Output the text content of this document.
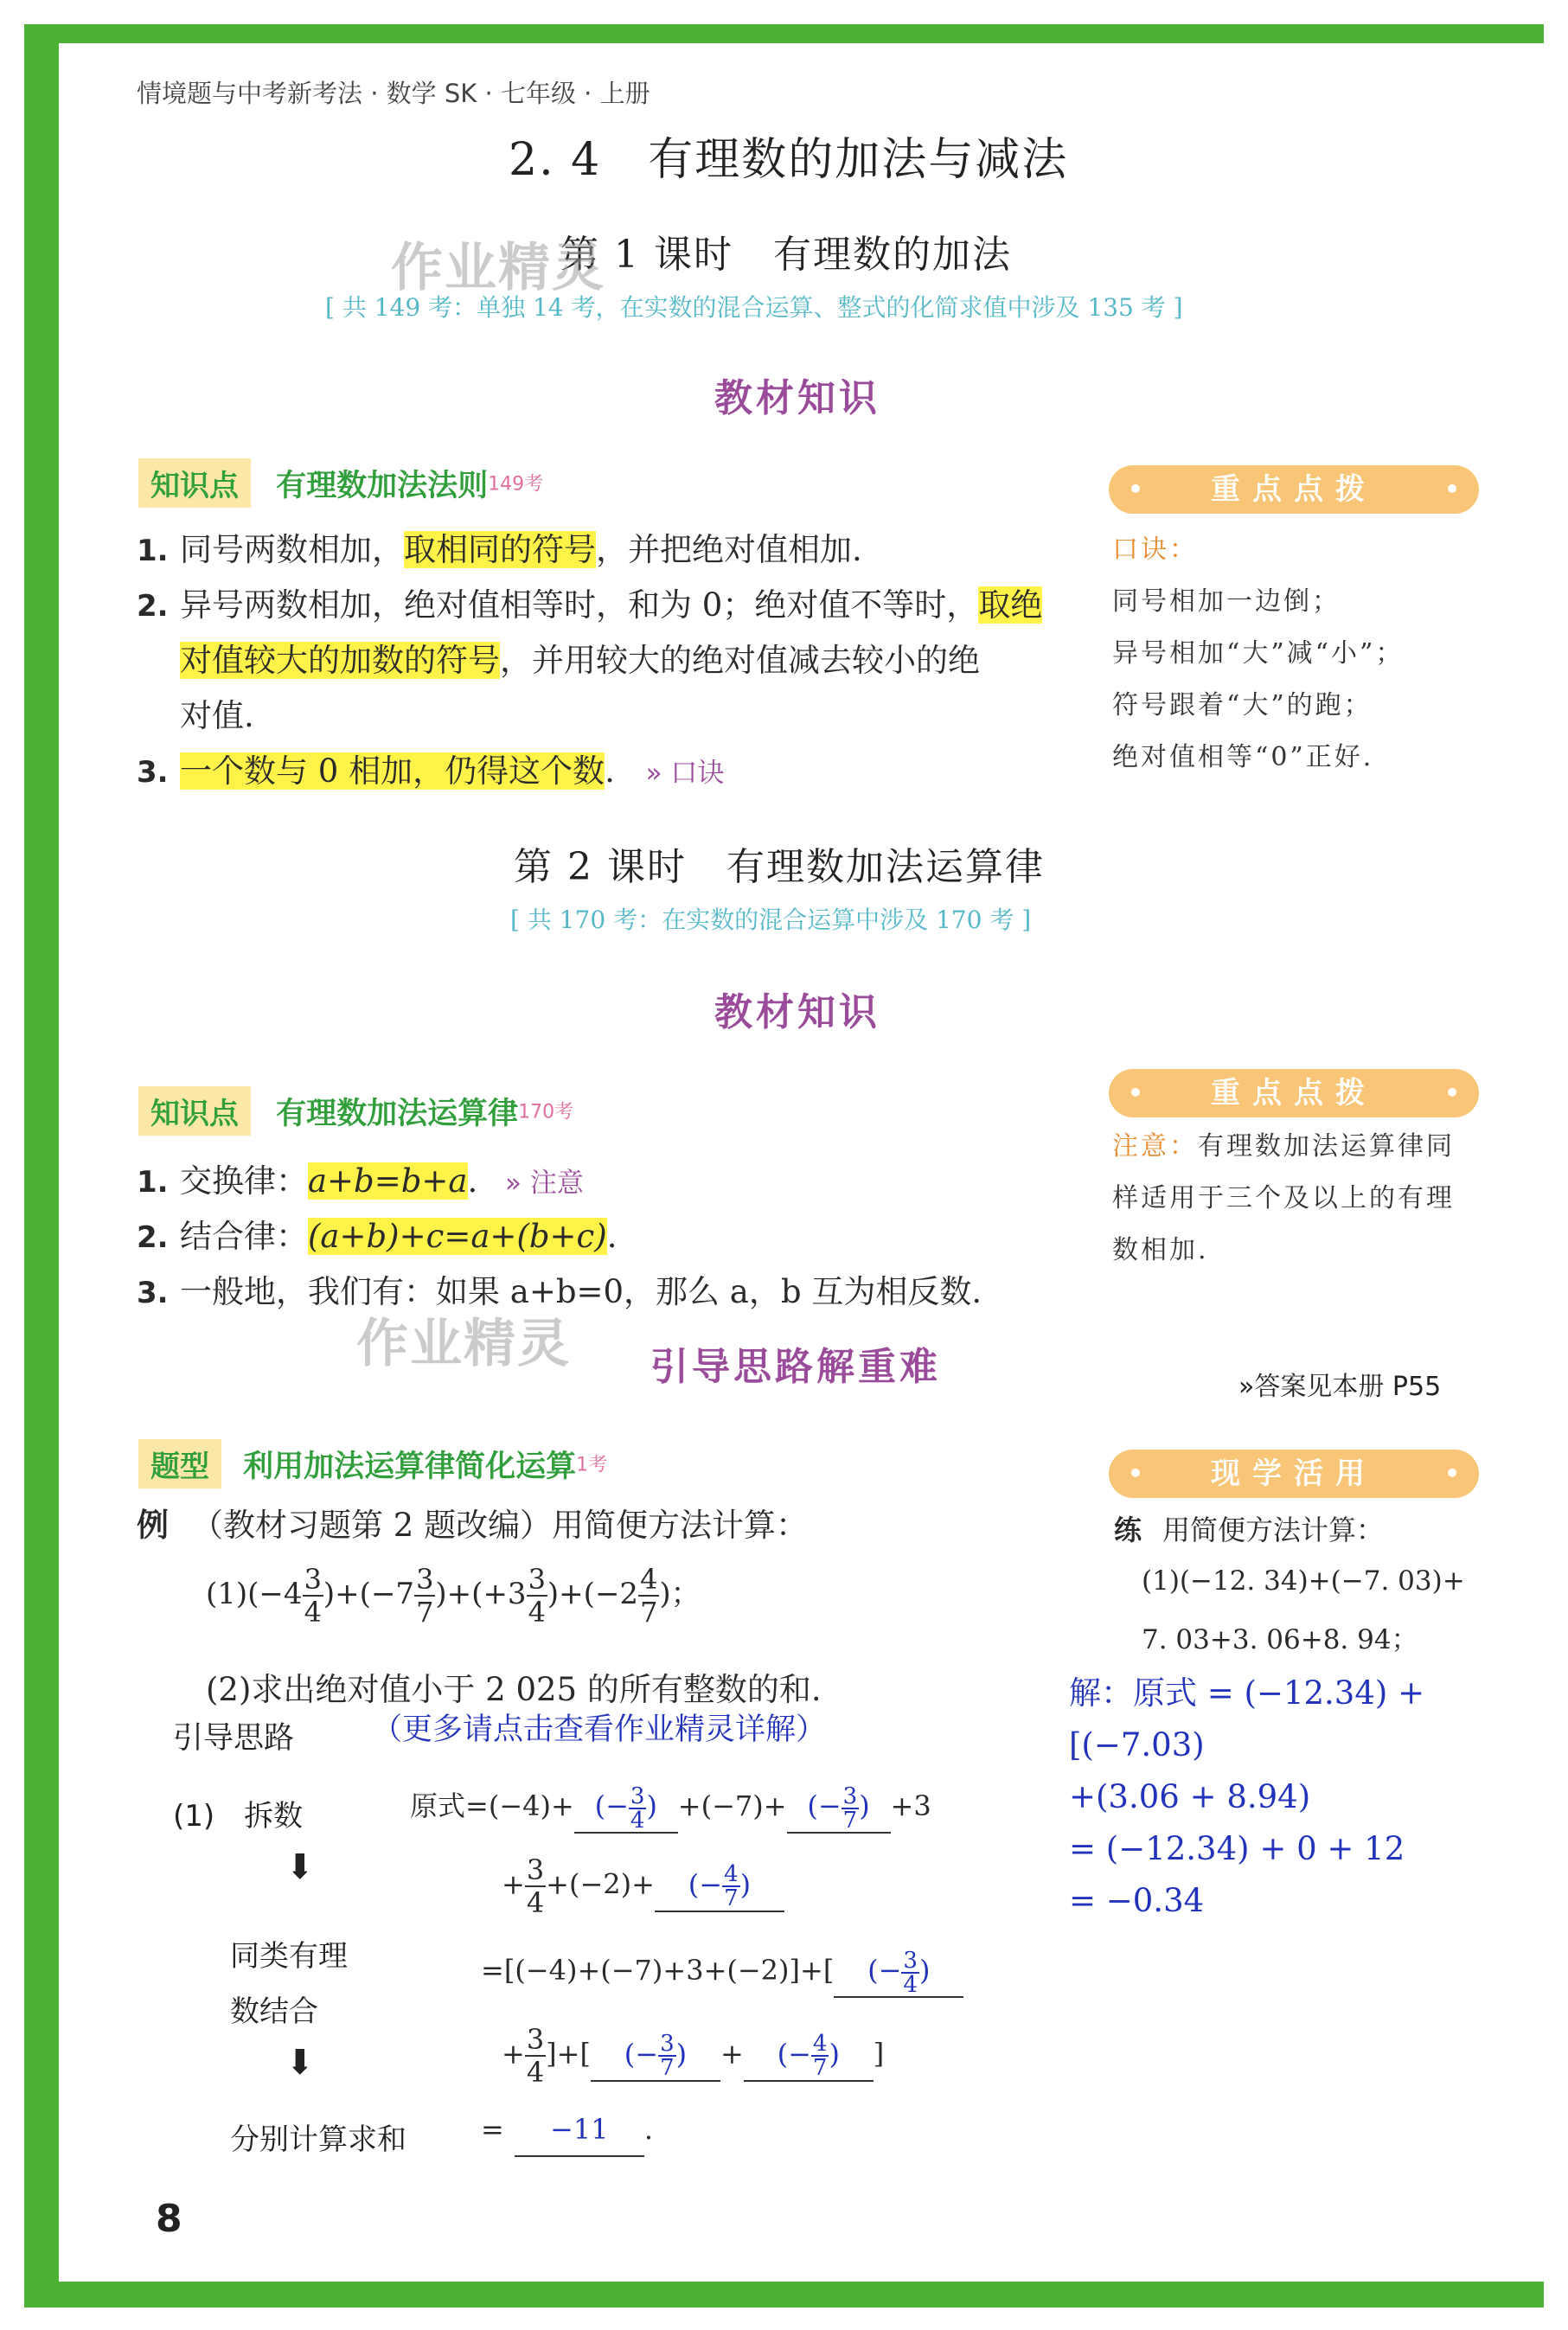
情境题与中考新考法 · 数学 SK · 七年级 · 上册
2. 4　有理数的加法与减法
第 1 课时　有理数的加法
作业精灵
[ 共 149 考：单独 14 考，在实数的混合运算、整式的化简求值中涉及 135 考 ]
教材知识
知识点 有理数加法法则149考
1. 同号两数相加，取相同的符号，并把绝对值相加.
2. 异号两数相加，绝对值相等时，和为 0；绝对值不等时，取绝
对值较大的加数的符号，并用较大的绝对值减去较小的绝
对值.
3. 一个数与 0 相加，仍得这个数. » 口诀
• 重点点拨	•
口诀：
同号相加一边倒；
异号相加“大”减“小”；
符号跟着“大”的跑；
绝对值相等“0”正好.
第 2 课时　有理数加法运算律
[ 共 170 考：在实数的混合运算中涉及 170 考 ]
教材知识
知识点 有理数加法运算律170考
1. 交换律：a+b=b+a. » 注意
2. 结合律：(a+b)+c=a+(b+c).
3. 一般地，我们有：如果 a+b=0，那么 a，b 互为相反数.
作业精灵
• 重点点拨	•
注意：有理数加法运算律同
样适用于三个及以上的有理
数相加.
引导思路解重难	»答案见本册 P55
题型 利用加法运算律简化运算1考
例 （教材习题第 2 题改编）用简便方法计算：
$(1)(-4 \frac{3}{4} )+(-7 \frac{3}{7} )+(+3 \frac{3}{4} )+(-2 \frac{4}{7}$ )；
(2)求出绝对值小于 2 025 的所有整数的和.
引导思路	（更多请点击查看作业精灵详解）
(1)　拆数
⬇
同类有理
数结合
⬇
分别计算求和
原式=(−4)+ (− $\frac{3}{4}) +(-7)+$ (− $\frac{3}{7}) +3$
+ $\frac{3}{4} +(-2)+$ (− $\frac{4}{7}$)
=[(−4)+(−7)+3+(−2)]+[ (− $\frac{3}{4}$)
+ $\frac{3}{4}$ ]+[ (− $\frac{3}{7}$) + (− $\frac{4}{7}$) ]
= −11 .
• 现学活用	•
练 用简便方法计算：
(1)(−12. 34)+(−7. 03)+
7. 03+3. 06+8. 94；
解：原式 = (−12.34) + [(−7.03)
+(3.06 + 8.94)
= (−12.34) + 0 + 12
= −0.34
8
